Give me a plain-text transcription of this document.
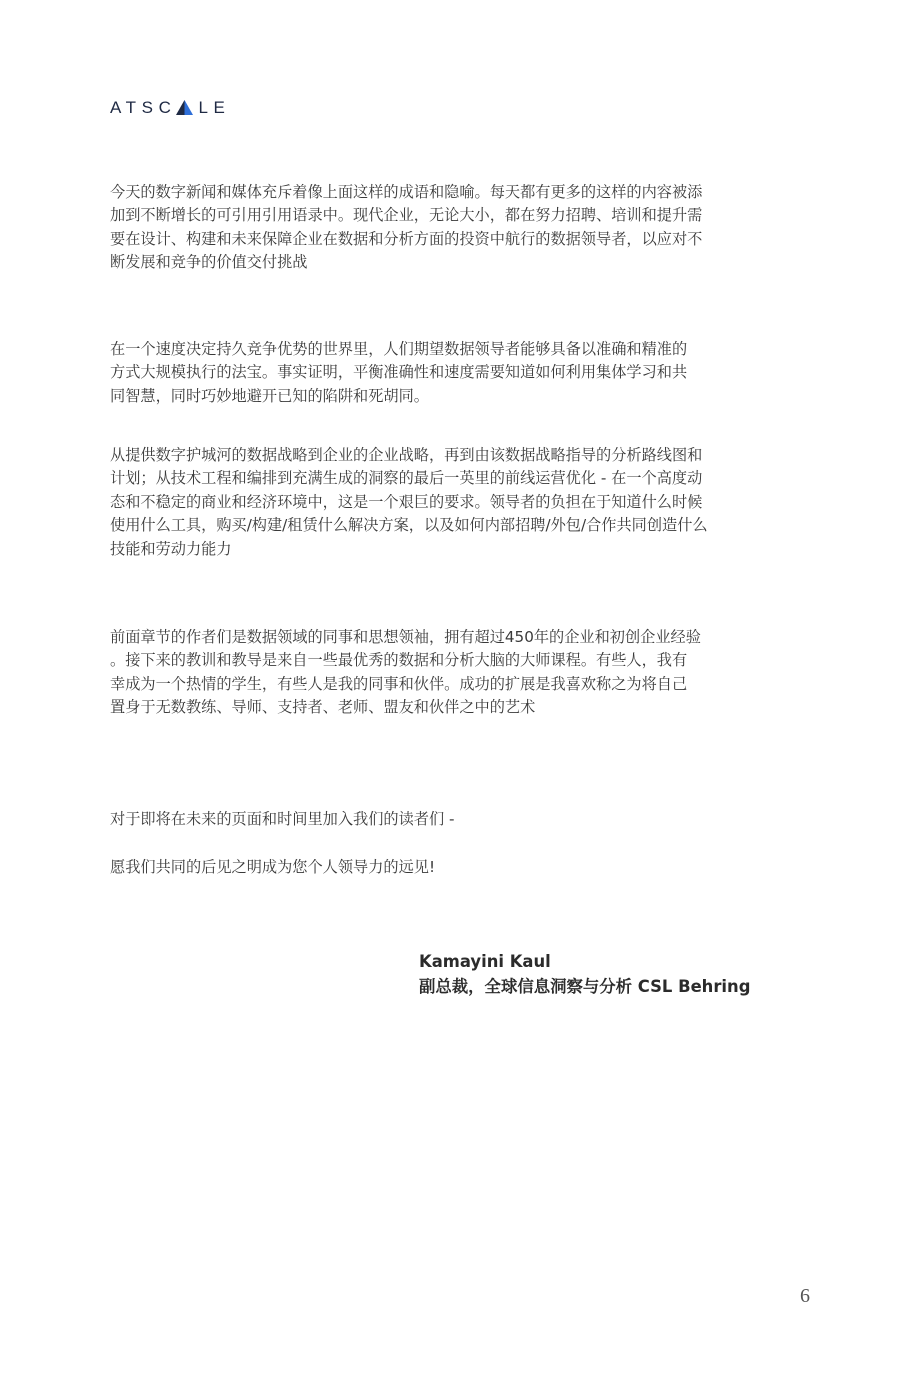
ATSC LE

今天的数字新闻和媒体充斥着像上面这样的成语和隐喻。每天都有更多的这样的内容被添
加到不断增长的可引用引用语录中。现代企业，无论大小，都在努力招聘、培训和提升需
要在设计、构建和未来保障企业在数据和分析方面的投资中航行的数据领导者，以应对不
断发展和竞争的价值交付挑战

在一个速度决定持久竞争优势的世界里，人们期望数据领导者能够具备以准确和精准的
方式大规模执行的法宝。事实证明，平衡准确性和速度需要知道如何利用集体学习和共
同智慧，同时巧妙地避开已知的陷阱和死胡同。

从提供数字护城河的数据战略到企业的企业战略，再到由该数据战略指导的分析路线图和
计划；从技术工程和编排到充满生成的洞察的最后一英里的前线运营优化 - 在一个高度动
态和不稳定的商业和经济环境中，这是一个艰巨的要求。领导者的负担在于知道什么时候
使用什么工具，购买/构建/租赁什么解决方案，以及如何内部招聘/外包/合作共同创造什么
技能和劳动力能力

前面章节的作者们是数据领域的同事和思想领袖，拥有超过450年的企业和初创企业经验
。接下来的教训和教导是来自一些最优秀的数据和分析大脑的大师课程。有些人，我有
幸成为一个热情的学生，有些人是我的同事和伙伴。成功的扩展是我喜欢称之为将自己
置身于无数教练、导师、支持者、老师、盟友和伙伴之中的艺术

对于即将在未来的页面和时间里加入我们的读者们 -

愿我们共同的后见之明成为您个人领导力的远见!

Kamayini Kaul
副总裁，全球信息洞察与分析 CSL Behring
6
